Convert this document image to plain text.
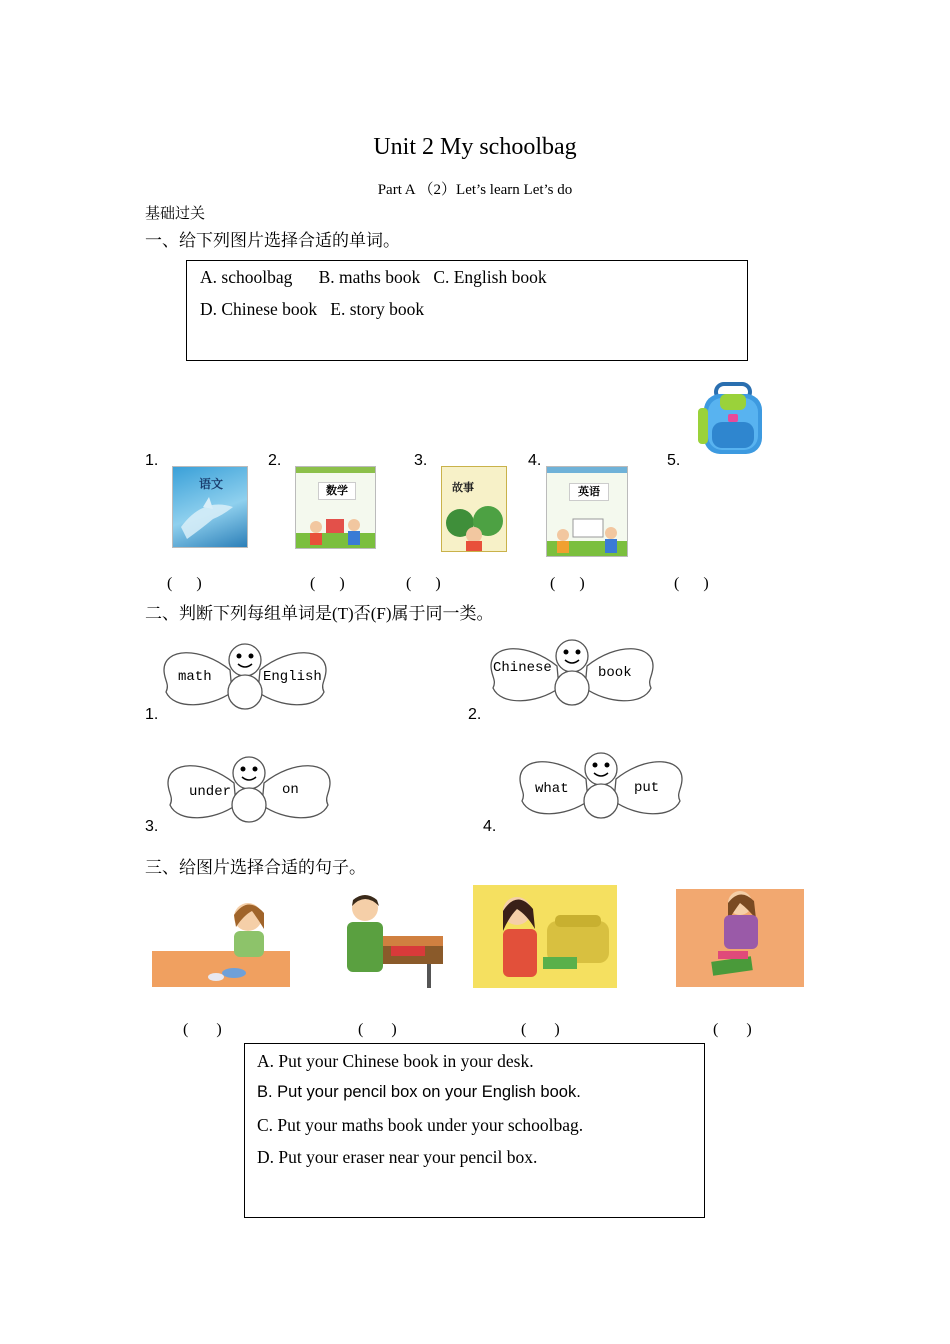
Unit 2 My schoolbag
Part A （2）Let’s learn Let’s do
基础过关
一、给下列图片选择合适的单词。
A. schoolbag      B. maths book   C. English book
D. Chinese book   E. story book
1.	2.	3.	4.	5.
语文	数学	故事	英语
(      )	(      )	(      )	(      )	(      )
二、判断下列每组单词是(T)否(F)属于同一类。
1.
math	English
2.
Chinese	book
3.
under	on
4.
what	put
三、给图片选择合适的句子。
(       )	(       )	(       )	(       )
A. Put your Chinese book in your desk.
B. Put your pencil box on your English book.
C. Put your maths book under your schoolbag.
D. Put your eraser near your pencil box.
